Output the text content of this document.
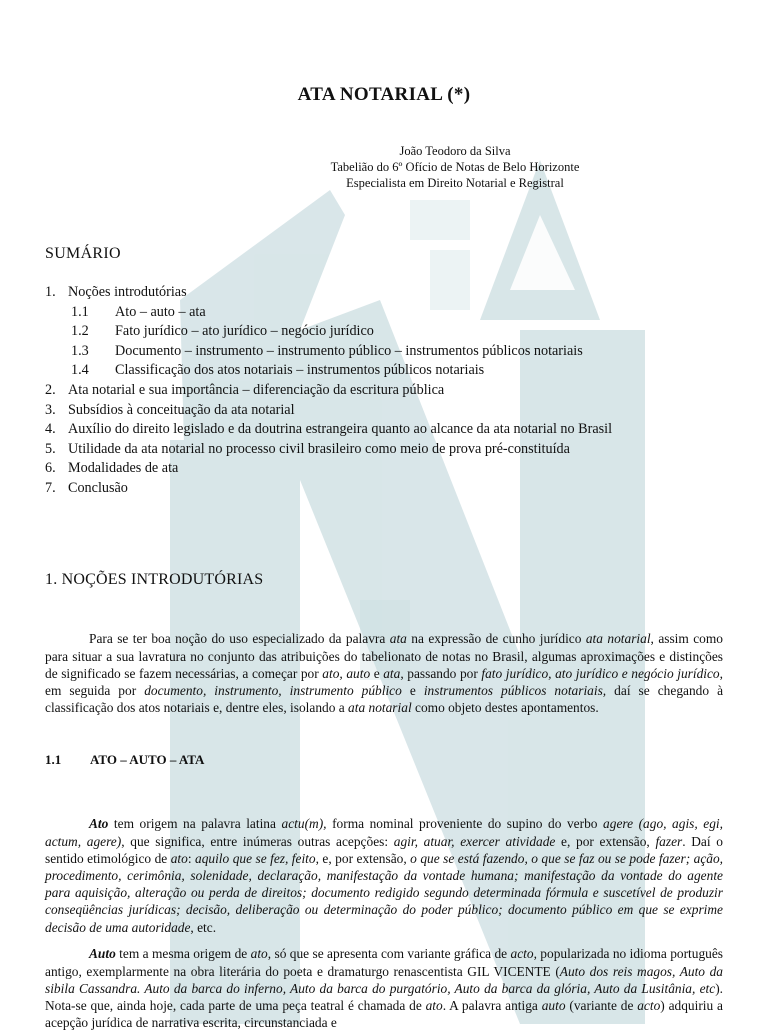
ATA NOTARIAL (*)
João Teodoro da Silva
Tabelião do 6º Ofício de Notas de Belo Horizonte
Especialista em Direito Notarial e Registral
SUMÁRIO
1. Noções introdutórias
1.1 Ato – auto – ata
1.2 Fato jurídico – ato jurídico – negócio jurídico
1.3 Documento – instrumento – instrumento público – instrumentos públicos notariais
1.4 Classificação dos atos notariais – instrumentos públicos notariais
2. Ata notarial e sua importância – diferenciação da escritura pública
3. Subsídios à conceituação da ata notarial
4. Auxílio do direito legislado e da doutrina estrangeira quanto ao alcance da ata notarial no Brasil
5. Utilidade da ata notarial no processo civil brasileiro como meio de prova pré-constituída
6. Modalidades de ata
7. Conclusão
1. NOÇÕES INTRODUTÓRIAS

Para se ter boa noção do uso especializado da palavra ata na expressão de cunho jurídico ata notarial, assim como para situar a sua lavratura no conjunto das atribuições do tabelionato de notas no Brasil, algumas aproximações e distinções de significado se fazem necessárias, a começar por ato, auto e ata, passando por fato jurídico, ato jurídico e negócio jurídico, em seguida por documento, instrumento, instrumento público e instrumentos públicos notariais, daí se chegando à classificação dos atos notariais e, dentre eles, isolando a ata notarial como objeto destes apontamentos.

1.1 ATO – AUTO – ATA

Ato tem origem na palavra latina actu(m), forma nominal proveniente do supino do verbo agere (ago, agis, egi, actum, agere), que significa, entre inúmeras outras acepções: agir, atuar, exercer atividade e, por extensão, fazer. Daí o sentido etimológico de ato: aquilo que se fez, feito, e, por extensão, o que se está fazendo, o que se faz ou se pode fazer; ação, procedimento, cerimônia, solenidade, declaração, manifestação da vontade humana; manifestação da vontade do agente para aquisição, alteração ou perda de direitos; documento redigido segundo determinada fórmula e suscetível de produzir conseqüências jurídicas; decisão, deliberação ou determinação do poder público; documento público em que se exprime decisão de uma autoridade, etc.

Auto tem a mesma origem de ato, só que se apresenta com variante gráfica de acto, popularizada no idioma português antigo, exemplarmente na obra literária do poeta e dramaturgo renascentista GIL VICENTE (Auto dos reis magos, Auto da sibila Cassandra. Auto da barca do inferno, Auto da barca do purgatório, Auto da barca da glória, Auto da Lusitânia, etc). Nota-se que, ainda hoje, cada parte de uma peça teatral é chamada de ato. A palavra antiga auto (variante de acto) adquiriu a acepção jurídica de narrativa escrita, circunstanciada e
